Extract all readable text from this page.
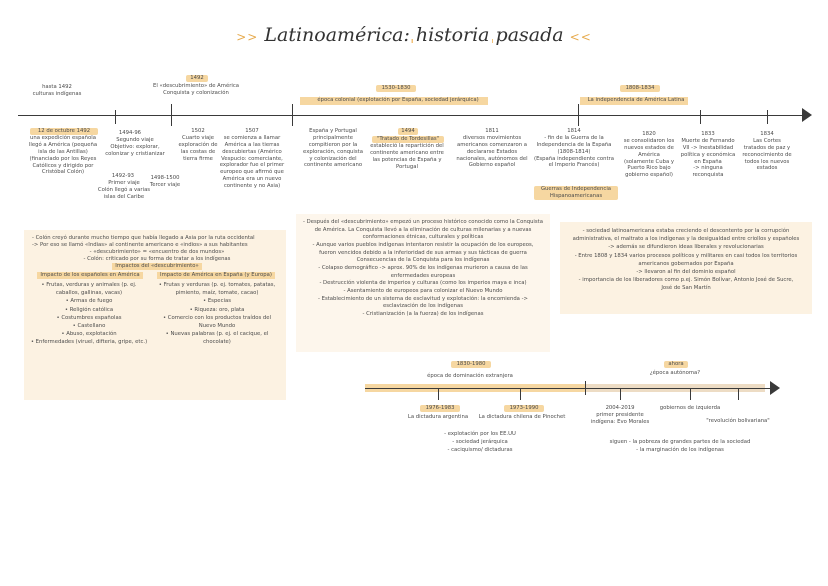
>> Latinoamérica: historia pasada <<
hasta 1492
culturas indígenas
1492
El «descubrimiento» de América
Conquista y colonización
1530-1830
época colonial (explotación por España, sociedad jerárquica)
1808-1834
La independencia de América Latina
12 de octubre 1492
una expedición española
llegó a América (pequeña
isla de las Antillas)
(financiado por los Reyes
Católicos y dirigido por
Cristóbal Colón)
1494-96
Segundo viaje
Objetivo: explorar,
colonizar y cristianizar
1492-93
Primer viaje
Colón llegó a varias
islas del Caribe
1498-1500
Tercer viaje
1502
Cuarto viaje
exploración de
las costas de
tierra firme
1507
se comienza a llamar
América a las tierras
descubiertas (Américo
Vespucio: comerciante,
explorador fue el primer
europeo que afirmó que
América era un nuevo
continente y no Asia)
España y Portugal
principalmente
compitieron por la
exploración, conquista
y colonización del
continente americano
1494
"Tratado de Tordesillas"
estableció la repartición del
continente americano entre
las potencias de España y
Portugal
1811
diversos movimientos
americanos comenzaron a
declararse Estados
nacionales, autónomos del
Gobierno español
1814
- fin de la Guerra de la
Independencia de la España
(1808-1814)
(España independiente contra
el Imperio Francés)
Guerras de Independencia
Hispanoamericanas
1820
se consolidaron los
nuevos estados de
América
(solamente Cuba y
Puerto Rico bajo
gobierno español)
1833
Muerte de Fernando
VII -> Inestabilidad
política y económica
en España
-> ninguna
reconquista
1834
Las Cortes
tratados de paz y
reconocimiento de
todos los nuevos
estados
- Colón creyó durante mucho tiempo que había llegado a Asia por la ruta occidental
-> Por eso se llamó «Indias» al continente americano e «indios» a sus habitantes
- «descubrimiento» = «encuentro de dos mundos»
- Colón: criticado por su forma de tratar a los indígenas
Impactos del «descubrimiento»
Impacto de los españoles en América
• Frutas, verduras y animales (p. ej.
caballos, gallinas, vacas)
• Armas de fuego
• Religión católica
• Costumbres españolas
• Castellano
• Abuso, explotación
• Enfermedades (viruel, difteria, gripe, etc.)
Impacto de América en España (y Europa)
• Frutas y verduras (p. ej. tomates, patatas,
pimiento, maíz, tomate, cacao)
• Especias
• Riqueza: oro, plata
• Comercio con los productos traídos del
Nuevo Mundo
• Nuevas palabras (p. ej. el cacique, el
chocolate)
- Después del «descubrimiento» empezó un proceso histórico conocido como la Conquista
de América. La Conquista llevó a la eliminación de culturas milenarias y a nuevas
conformaciones étnicas, culturales y políticas
- Aunque varios pueblos indígenas intentaron resistir la ocupación de los europeos,
fueron vencidos debido a la inferioridad de sus armas y sus tácticas de guerra
Consecuencias de la Conquista para los indígenas
- Colapso demográfico -> aprox. 90% de los indígenas murieron a causa de las
enfermedades europeas
- Destrucción violenta de imperios y culturas (como los imperios maya e inca)
- Asentamiento de europeos para colonizar el Nuevo Mundo
- Establecimiento de un sistema de esclavitud y explotación: la encomienda ->
esclavización de los indígenas
- Cristianización (a la fuerza) de los indígenas
- sociedad latinoamericana estaba creciendo el descontento por la corrupción
administrativa, el maltrato a los indígenas y la desigualdad entre criollos y españoles
-> además se difundieron ideas liberales y revolucionarias
- Entre 1808 y 1834 varios procesos políticos y militares en casi todos los territorios
americanos gobernados por España
-> llevaron al fin del dominio español
- importancia de los liberadores como p.ej. Simón Bolívar, Antonio José de Sucre,
José de San Martín
1830-1980
época de dominación extranjera
ahora
¿época autónoma?
1976-1983
La dictadura argentina
1973-1990
La dictadura chilena de Pinochet
- explotación por los EE.UU
- sociedad jerárquica
- caciquismo/ dictaduras
2004-2019
primer presidente
indígena: Evo Morales
gobiernos de izquierda
"revolución bolivariana"
siguen - la pobreza de grandes partes de la sociedad
- la marginación de los indígenas
